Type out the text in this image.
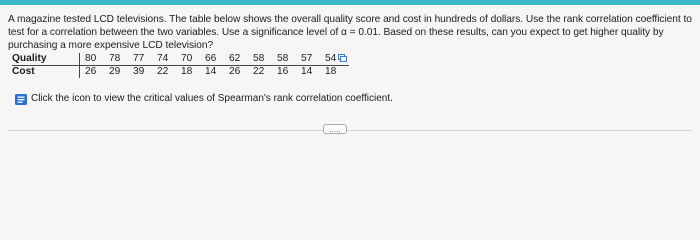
A magazine tested LCD televisions. The table below shows the overall quality score and cost in hundreds of dollars. Use the rank correlation coefficient to test for a correlation between the two variables. Use a significance level of α = 0.01. Based on these results, can you expect to get higher quality by purchasing a more expensive LCD television?
Quality	80	78	77	74	70	66	62	58	58	57	54
Cost	26	29	39	22	18	14	26	22	16	14	18
Click the icon to view the critical values of Spearman's rank correlation coefficient.
.....
